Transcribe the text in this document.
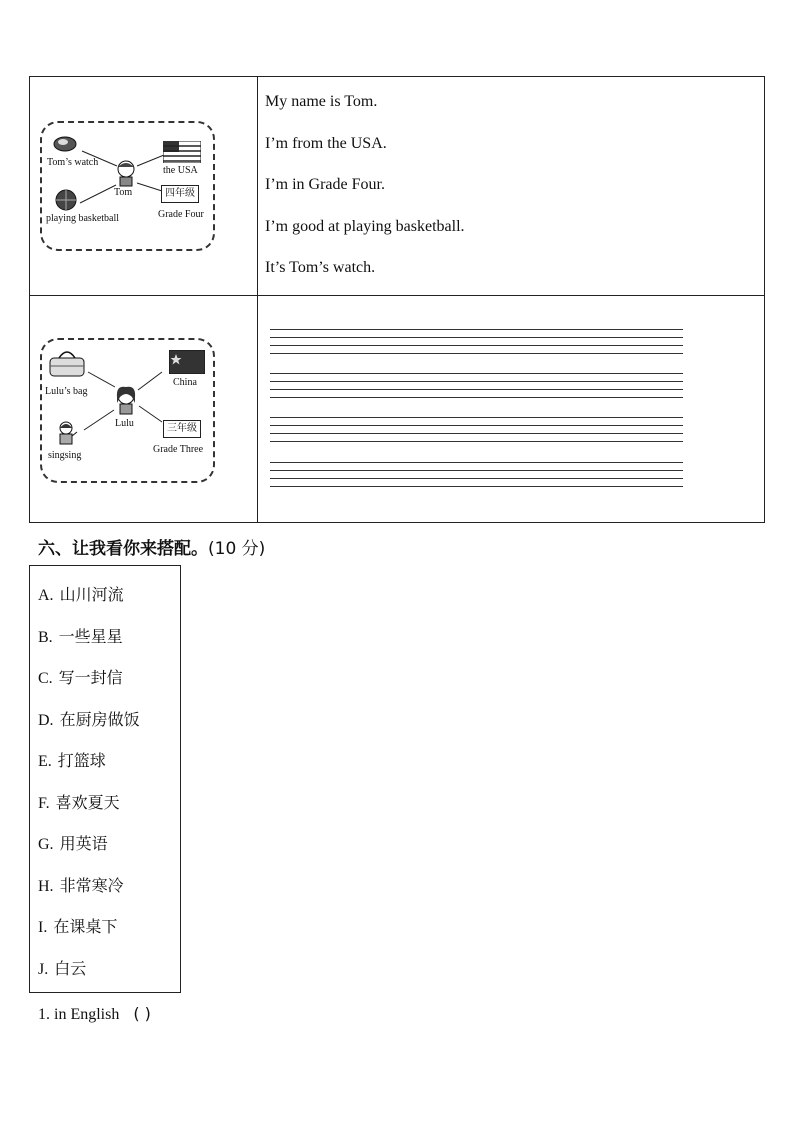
Tom’s watch
the USA
Tom
playing basketball
四年级
Grade Four
My name is Tom.
I’m from the USA.
I’m in Grade Four.
I’m good at playing basketball.
It’s Tom’s watch.
Lulu’s bag
China
Lulu
singsing
三年级
Grade Three
六、让我看你来搭配。(10 分)
A. 山川河流
B. 一些星星
C. 写一封信
D. 在厨房做饭
E. 打篮球
F. 喜欢夏天
G. 用英语
H. 非常寒冷
I. 在课桌下
J. 白云
1. in English ( )
